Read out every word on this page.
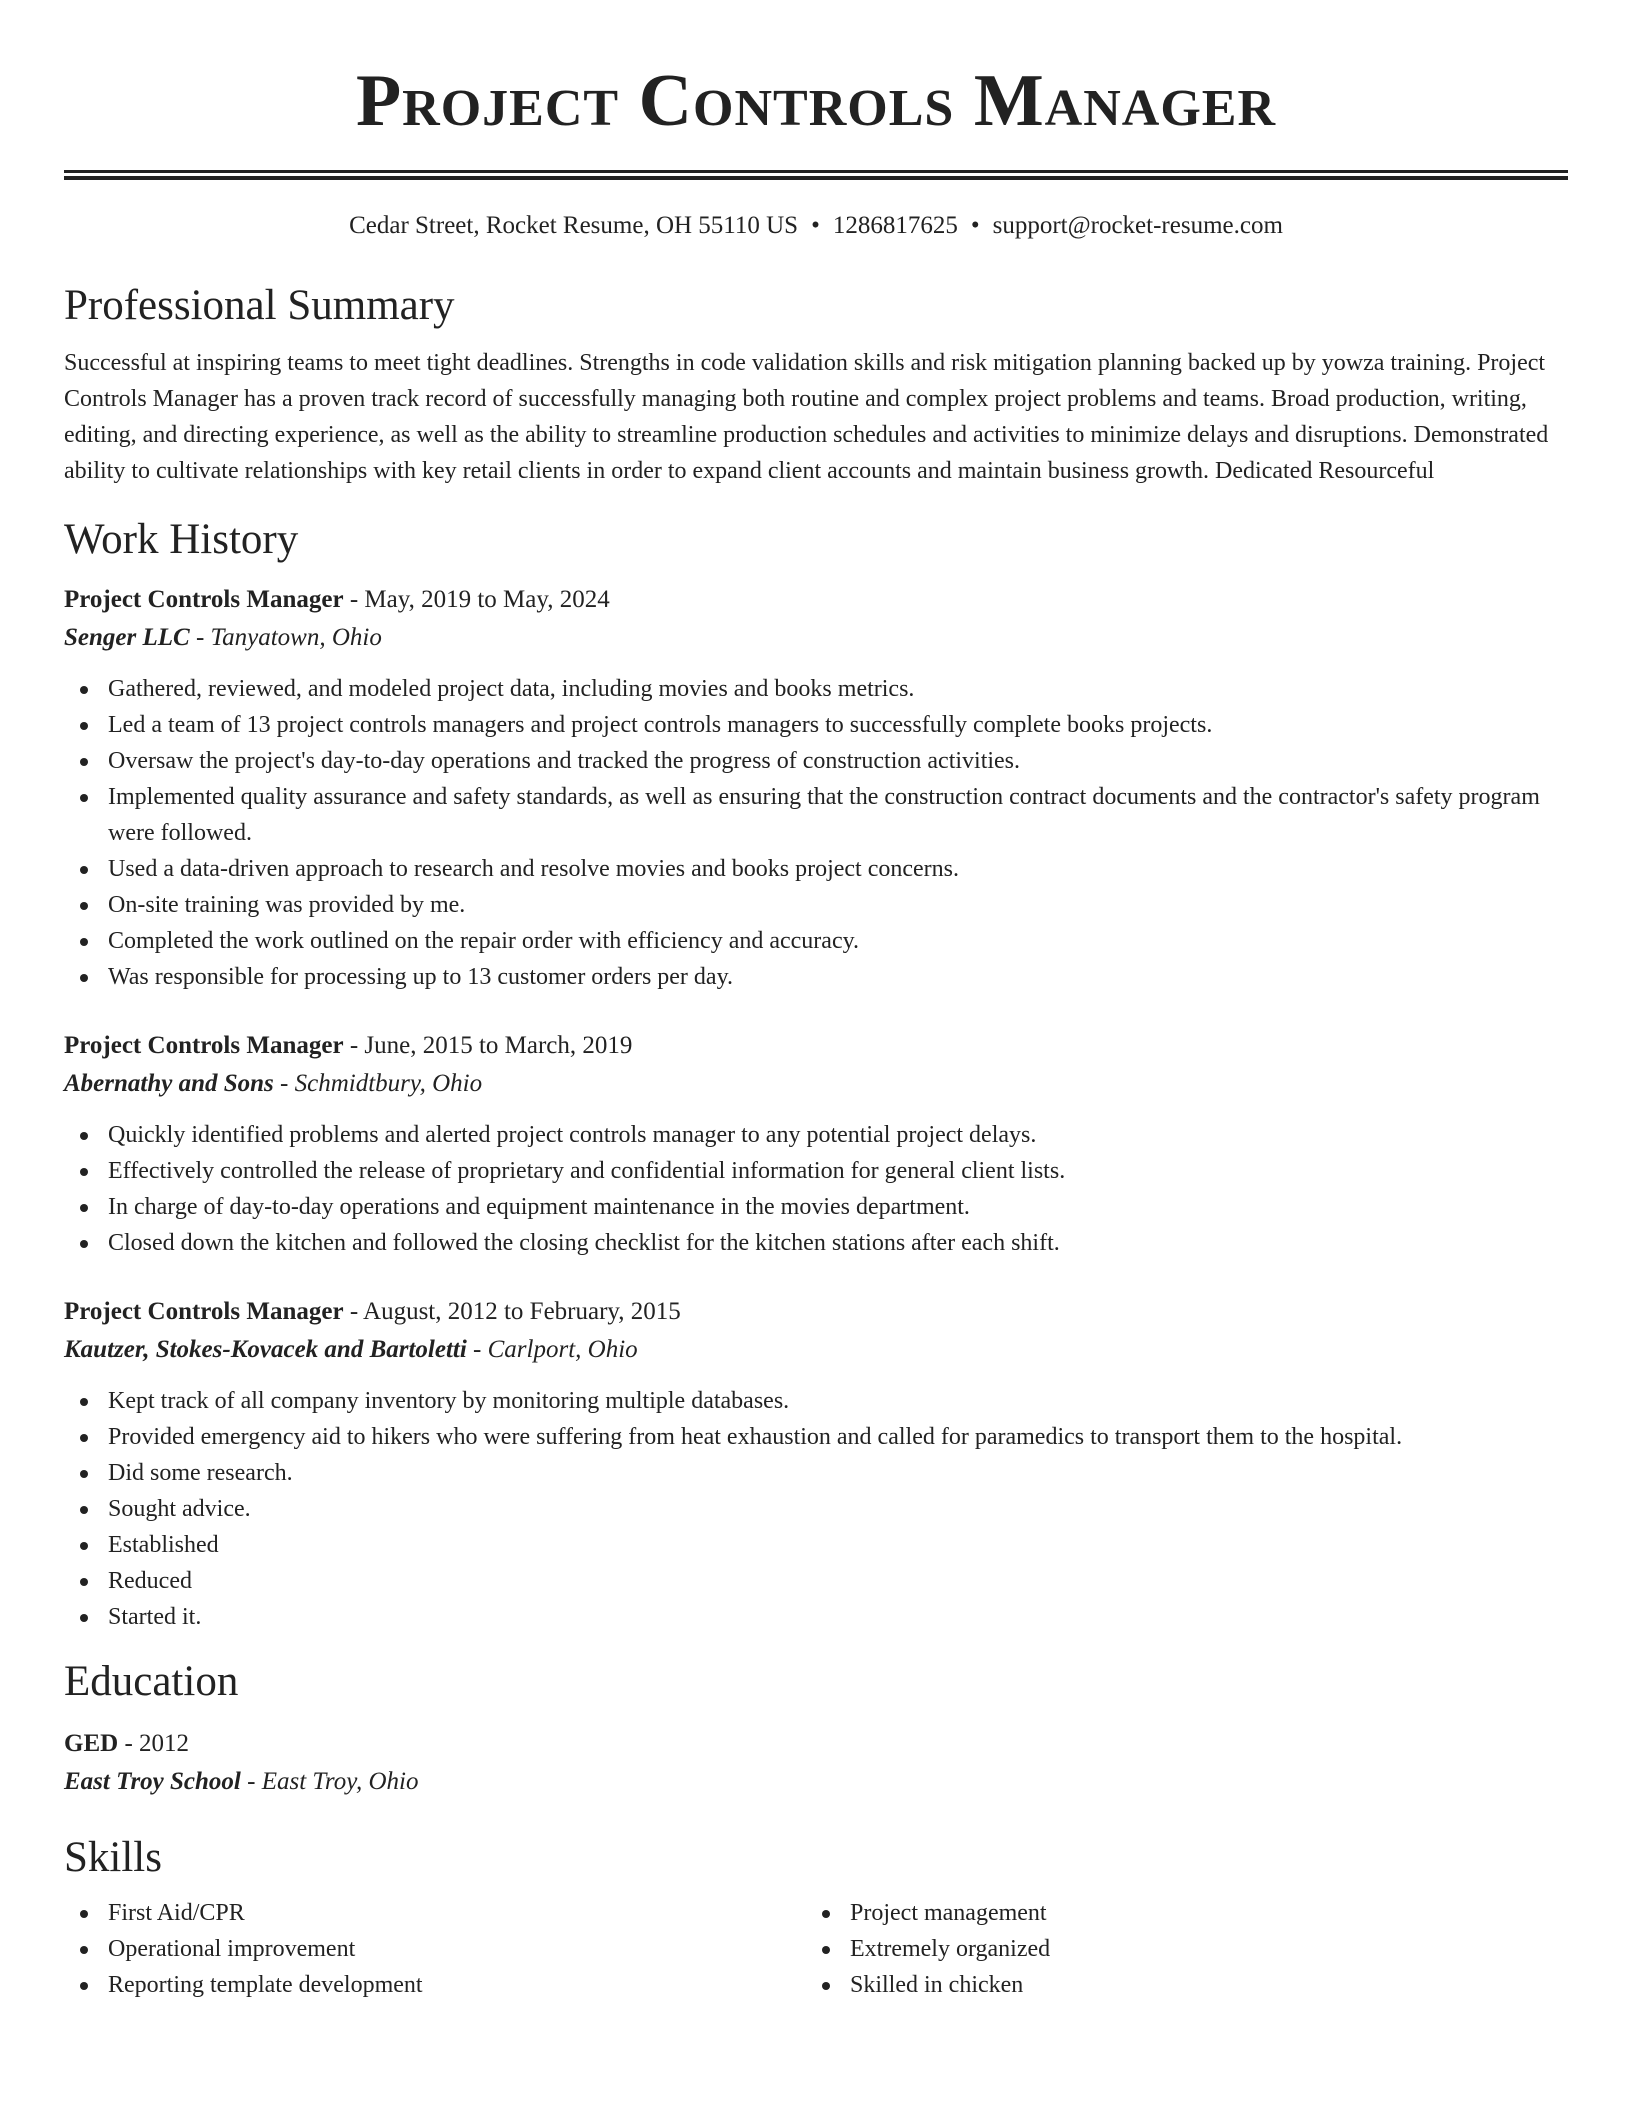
Project Controls Manager
Cedar Street, Rocket Resume, OH 55110 US • 1286817625 • support@rocket-resume.com
Professional Summary
Successful at inspiring teams to meet tight deadlines. Strengths in code validation skills and risk mitigation planning backed up by yowza training. Project Controls Manager has a proven track record of successfully managing both routine and complex project problems and teams. Broad production, writing, editing, and directing experience, as well as the ability to streamline production schedules and activities to minimize delays and disruptions. Demonstrated ability to cultivate relationships with key retail clients in order to expand client accounts and maintain business growth. Dedicated Resourceful
Work History
Project Controls Manager - May, 2019 to May, 2024
Senger LLC - Tanyatown, Ohio
Gathered, reviewed, and modeled project data, including movies and books metrics.
Led a team of 13 project controls managers and project controls managers to successfully complete books projects.
Oversaw the project's day-to-day operations and tracked the progress of construction activities.
Implemented quality assurance and safety standards, as well as ensuring that the construction contract documents and the contractor's safety program were followed.
Used a data-driven approach to research and resolve movies and books project concerns.
On-site training was provided by me.
Completed the work outlined on the repair order with efficiency and accuracy.
Was responsible for processing up to 13 customer orders per day.
Project Controls Manager - June, 2015 to March, 2019
Abernathy and Sons - Schmidtbury, Ohio
Quickly identified problems and alerted project controls manager to any potential project delays.
Effectively controlled the release of proprietary and confidential information for general client lists.
In charge of day-to-day operations and equipment maintenance in the movies department.
Closed down the kitchen and followed the closing checklist for the kitchen stations after each shift.
Project Controls Manager - August, 2012 to February, 2015
Kautzer, Stokes-Kovacek and Bartoletti - Carlport, Ohio
Kept track of all company inventory by monitoring multiple databases.
Provided emergency aid to hikers who were suffering from heat exhaustion and called for paramedics to transport them to the hospital.
Did some research.
Sought advice.
Established
Reduced
Started it.
Education
GED - 2012
East Troy School - East Troy, Ohio
Skills
First Aid/CPR
Operational improvement
Reporting template development
Project management
Extremely organized
Skilled in chicken
